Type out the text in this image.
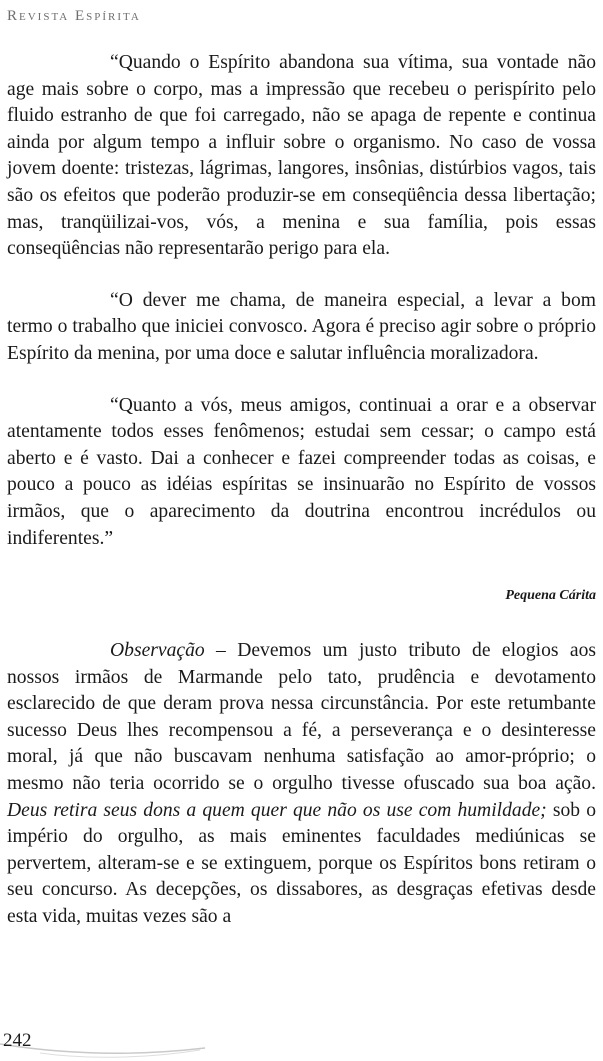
Revista Espírita

“Quando o Espírito abandona sua vítima, sua vontade não age mais sobre o corpo, mas a impressão que recebeu o perispírito pelo fluido estranho de que foi carregado, não se apaga de repente e continua ainda por algum tempo a influir sobre o organismo. No caso de vossa jovem doente: tristezas, lágrimas, langores, insônias, distúrbios vagos, tais são os efeitos que poderão produzir-se em conseqüência dessa libertação; mas, tranqüilizai-vos, vós, a menina e sua família, pois essas conseqüências não representarão perigo para ela.

“O dever me chama, de maneira especial, a levar a bom termo o trabalho que iniciei convosco. Agora é preciso agir sobre o próprio Espírito da menina, por uma doce e salutar influência moralizadora.

“Quanto a vós, meus amigos, continuai a orar e a observar atentamente todos esses fenômenos; estudai sem cessar; o campo está aberto e é vasto. Dai a conhecer e fazei compreender todas as coisas, e pouco a pouco as idéias espíritas se insinuarão no Espírito de vossos irmãos, que o aparecimento da doutrina encontrou incrédulos ou indiferentes.”

Pequena Cárita

Observação – Devemos um justo tributo de elogios aos nossos irmãos de Marmande pelo tato, prudência e devotamento esclarecido de que deram prova nessa circunstância. Por este retumbante sucesso Deus lhes recompensou a fé, a perseverança e o desinteresse moral, já que não buscavam nenhuma satisfação ao amor-próprio; o mesmo não teria ocorrido se o orgulho tivesse ofuscado sua boa ação. Deus retira seus dons a quem quer que não os use com humildade; sob o império do orgulho, as mais eminentes faculdades mediúnicas se pervertem, alteram-se e se extinguem, porque os Espíritos bons retiram o seu concurso. As decepções, os dissabores, as desgraças efetivas desde esta vida, muitas vezes são a

242
